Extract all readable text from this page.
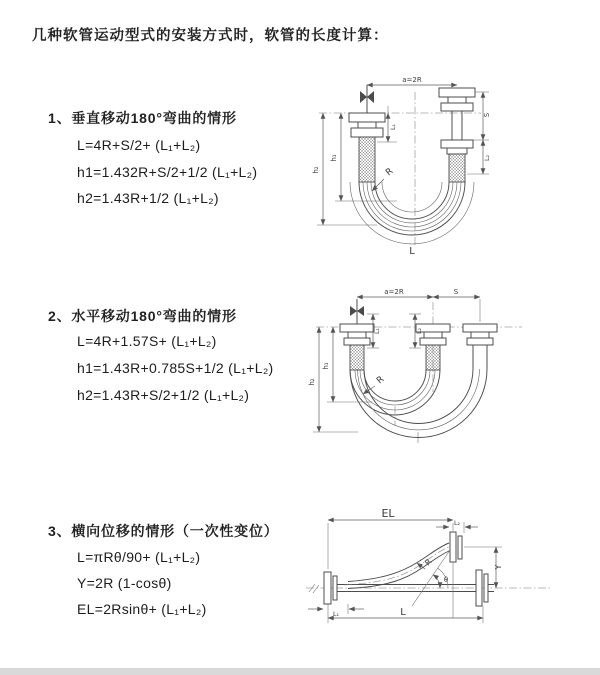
几种软管运动型式的安装方式时，软管的长度计算：
1、垂直移动180°弯曲的情形
L=4R+S/2+ (L₁+L₂)
h1=1.432R+S/2+1/2 (L₁+L₂)
h2=1.43R+1/2 (L₁+L₂)
2、水平移动180°弯曲的情形
L=4R+1.57S+ (L₁+L₂)
h1=1.43R+0.785S+1/2 (L₁+L₂)
h2=1.43R+S/2+1/2 (L₁+L₂)
3、横向位移的情形（一次性变位）
L=πRθ/90+ (L₁+L₂)
Y=2R (1-cosθ)
EL=2Rsinθ+ (L₁+L₂)
a=2R
h₂
h₁
L₁
S
L₂
R
L
a=2R	S
h₂
h₁
L₁	L₂
R
EL
L₂
Y
θ
R
L₁	L
